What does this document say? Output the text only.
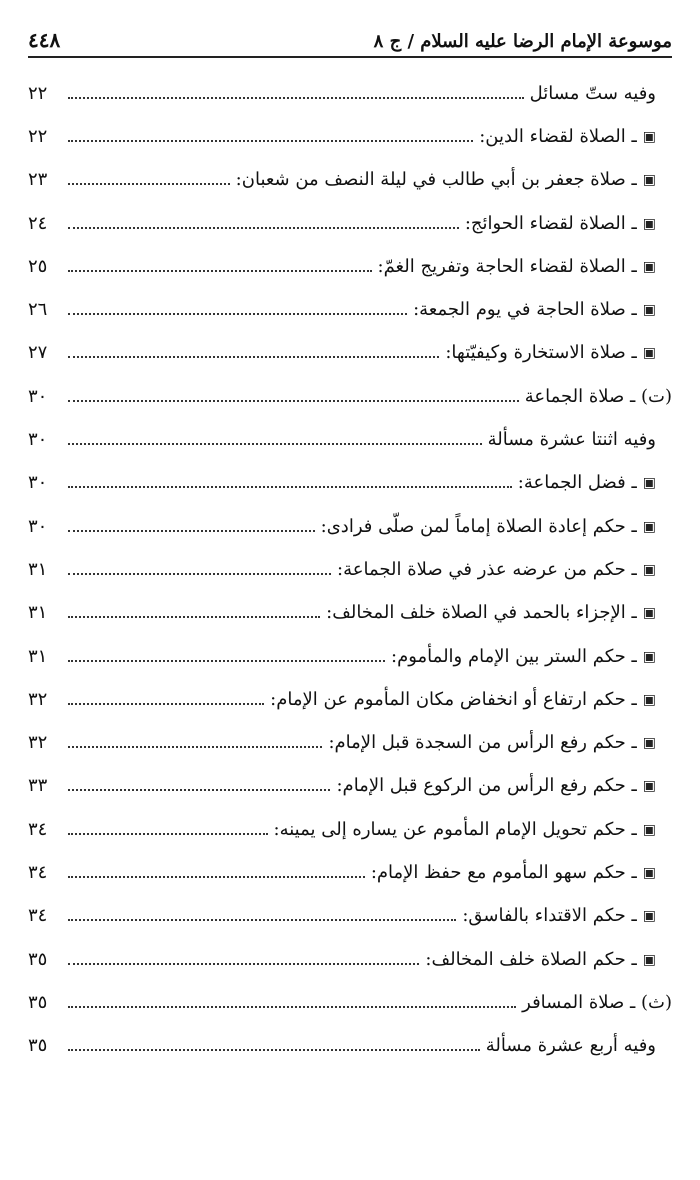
موسوعة الإمام الرضا عليه السلام / ج ٨
٤٤٨
وفيه ستّ مسائل
٢٢
▣
ـ الصلاة لقضاء الدين:
٢٢
▣
ـ صلاة جعفر بن أبي طالب في ليلة النصف من شعبان:
٢٣
▣
ـ الصلاة لقضاء الحوائج:
٢٤
▣
ـ الصلاة لقضاء الحاجة وتفريج الغمّ:
٢٥
▣
ـ صلاة الحاجة في يوم الجمعة:
٢٦
▣
ـ صلاة الاستخارة وكيفيّتها:
٢٧
(ت) ـ صلاة الجماعة
٣٠
وفيه اثنتا عشرة مسألة
٣٠
▣
ـ فضل الجماعة:
٣٠
▣
ـ حكم إعادة الصلاة إماماً لمن صلّى فرادى:
٣٠
▣
ـ حكم من عرضه عذر في صلاة الجماعة:
٣١
▣
ـ الإجزاء بالحمد في الصلاة خلف المخالف:
٣١
▣
ـ حكم الستر بين الإمام والمأموم:
٣١
▣
ـ حكم ارتفاع أو انخفاض مكان المأموم عن الإمام:
٣٢
▣
ـ حكم رفع الرأس من السجدة قبل الإمام:
٣٢
▣
ـ حكم رفع الرأس من الركوع قبل الإمام:
٣٣
▣
ـ حكم تحويل الإمام المأموم عن يساره إلى يمينه:
٣٤
▣
ـ حكم سهو المأموم مع حفظ الإمام:
٣٤
▣
ـ حكم الاقتداء بالفاسق:
٣٤
▣
ـ حكم الصلاة خلف المخالف:
٣٥
(ث) ـ صلاة المسافر
٣٥
وفيه أربع عشرة مسألة
٣٥
